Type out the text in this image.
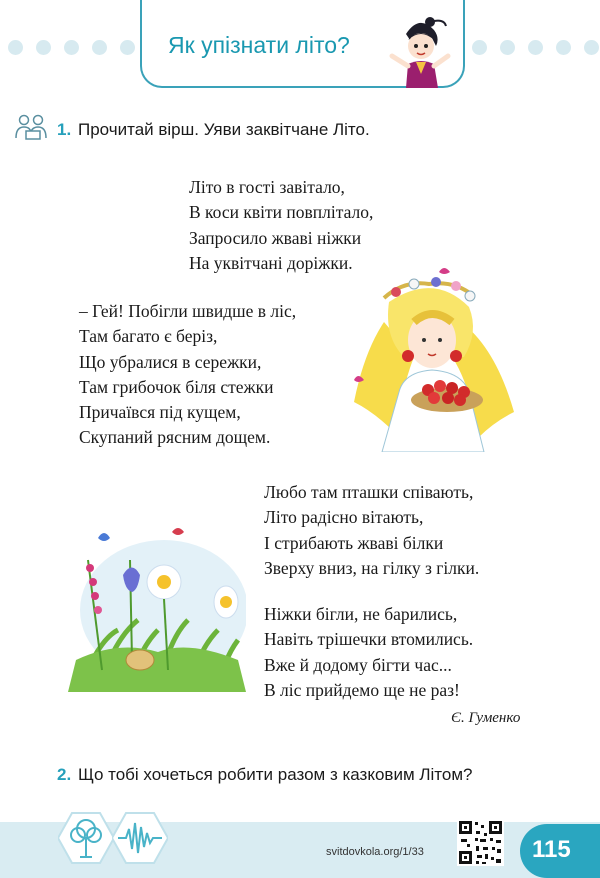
Як упізнати літо?
1. Прочитай вірш. Уяви заквітчане Літо.
Літо в гості завітало,
В коси квіти повплітало,
Запросило жваві ніжки
На уквітчані доріжки.
– Гей! Побігли швидше в ліс,
Там багато є беріз,
Що убралися в сережки,
Там грибочок біля стежки
Причаївся під кущем,
Скупаний рясним дощем.
Любо там пташки співають,
Літо радісно вітають,
І стрибають жваві білки
Зверху вниз, на гілку з гілки.
Ніжки бігли, не барились,
Навіть трішечки втомились.
Вже й додому бігти час...
В ліс прийдемо ще не раз!
Є. Гуменко
2. Що тобі хочеться робити разом з казковим Літом?
svitdovkola.org/1/33	115
